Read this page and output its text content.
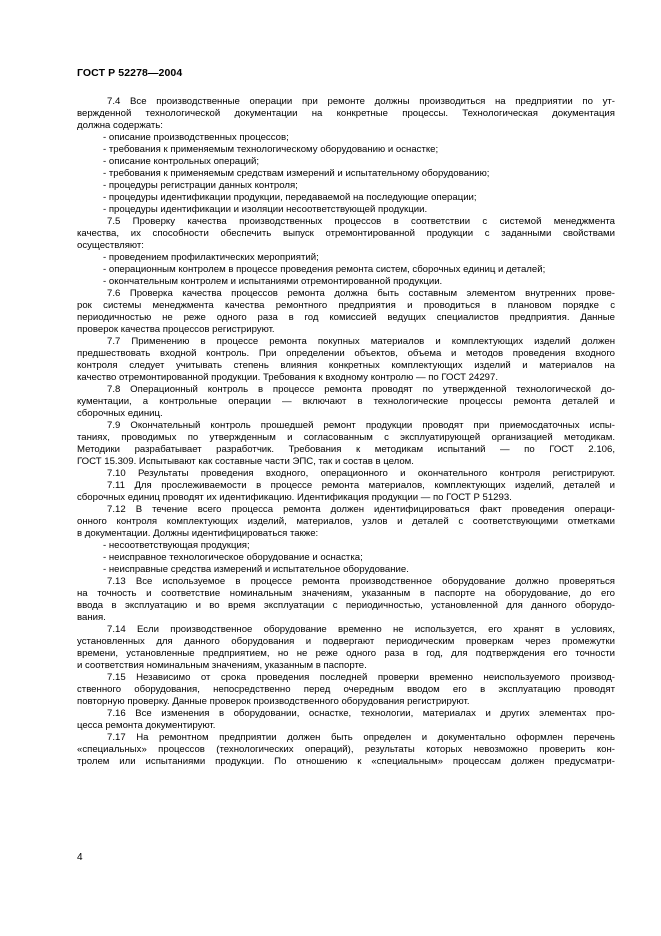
ГОСТ Р 52278—2004
7.4 Все производственные операции при ремонте должны производиться на предприятии по ут-
вержденной технологической документации на конкретные процессы. Технологическая документация
должна содержать:
- описание производственных процессов;
- требования к применяемым технологическому оборудованию и оснастке;
- описание контрольных операций;
- требования к применяемым средствам измерений и испытательному оборудованию;
- процедуры регистрации данных контроля;
- процедуры идентификации продукции, передаваемой на последующие операции;
- процедуры идентификации и изоляции несоответствующей продукции.
7.5 Проверку качества производственных процессов в соответствии с системой менеджмента
качества, их способности обеспечить выпуск отремонтированной продукции с заданными свойствами
осуществляют:
- проведением профилактических мероприятий;
- операционным контролем в процессе проведения ремонта систем, сборочных единиц и деталей;
- окончательным контролем и испытаниями отремонтированной продукции.
7.6 Проверка качества процессов ремонта должна быть составным элементом внутренних прове-
рок системы менеджмента качества ремонтного предприятия и проводиться в плановом порядке с
периодичностью не реже одного раза в год комиссией ведущих специалистов предприятия. Данные
проверок качества процессов регистрируют.
7.7 Применению в процессе ремонта покупных материалов и комплектующих изделий должен
предшествовать входной контроль. При определении объектов, объема и методов проведения входного
контроля следует учитывать степень влияния конкретных комплектующих изделий и материалов на
качество отремонтированной продукции. Требования к входному контролю — по ГОСТ 24297.
7.8 Операционный контроль в процессе ремонта проводят по утвержденной технологической до-
кументации, а контрольные операции — включают в технологические процессы ремонта деталей и
сборочных единиц.
7.9 Окончательный контроль прошедшей ремонт продукции проводят при приемосдаточных испы-
таниях, проводимых по утвержденным и согласованным с эксплуатирующей организацией методикам.
Методики разрабатывает разработчик. Требования к методикам испытаний — по ГОСТ 2.106,
ГОСТ 15.309. Испытывают как составные части ЭПС, так и состав в целом.
7.10 Результаты проведения входного, операционного и окончательного контроля регистрируют.
7.11 Для прослеживаемости в процессе ремонта материалов, комплектующих изделий, деталей и
сборочных единиц проводят их идентификацию. Идентификация продукции — по ГОСТ Р 51293.
7.12 В течение всего процесса ремонта должен идентифицироваться факт проведения операци-
онного контроля комплектующих изделий, материалов, узлов и деталей с соответствующими отметками
в документации. Должны идентифицироваться также:
- несоответствующая продукция;
- неисправное технологическое оборудование и оснастка;
- неисправные средства измерений и испытательное оборудование.
7.13 Все используемое в процессе ремонта производственное оборудование должно проверяться
на точность и соответствие номинальным значениям, указанным в паспорте на оборудование, до его
ввода в эксплуатацию и во время эксплуатации с периодичностью, установленной для данного оборудо-
вания.
7.14 Если производственное оборудование временно не используется, его хранят в условиях,
установленных для данного оборудования и подвергают периодическим проверкам через промежутки
времени, установленные предприятием, но не реже одного раза в год, для подтверждения его точности
и соответствия номинальным значениям, указанным в паспорте.
7.15 Независимо от срока проведения последней проверки временно неиспользуемого производ-
ственного оборудования, непосредственно перед очередным вводом его в эксплуатацию проводят
повторную проверку. Данные проверок производственного оборудования регистрируют.
7.16 Все изменения в оборудовании, оснастке, технологии, материалах и других элементах про-
цесса ремонта документируют.
7.17 На ремонтном предприятии должен быть определен и документально оформлен перечень
«специальных» процессов (технологических операций), результаты которых невозможно проверить кон-
тролем или испытаниями продукции. По отношению к «специальным» процессам должен предусматри-
4
